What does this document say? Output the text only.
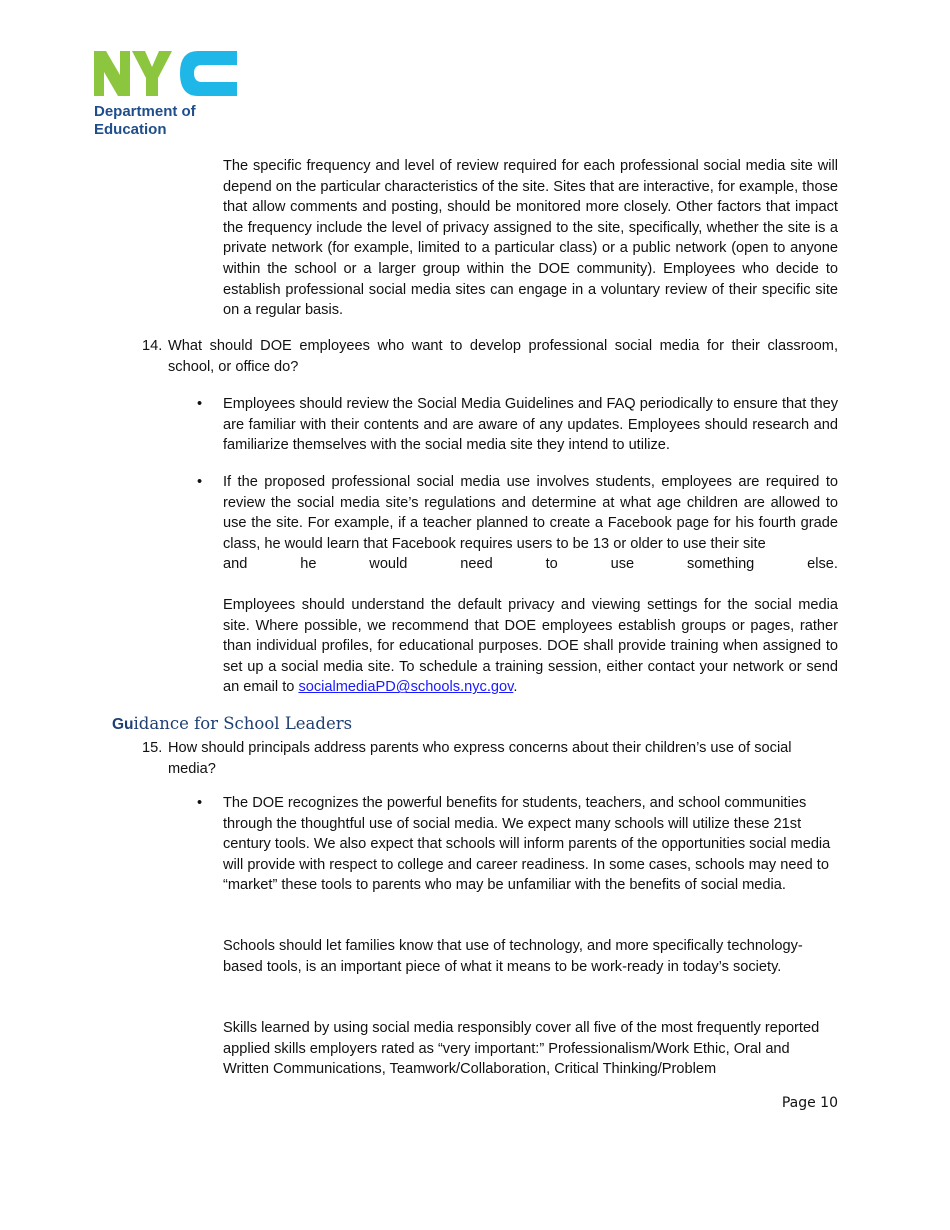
Department of
Education
The specific frequency and level of review required for each professional social media site will depend on the particular characteristics of the site. Sites that are interactive, for example, those that allow comments and posting, should be monitored more closely. Other factors that impact the frequency include the level of privacy assigned to the site, specifically, whether the site is a private network (for example, limited to a particular class) or a public network (open to anyone within the school or a larger group within the DOE community). Employees who decide to establish professional social media sites can engage in a voluntary review of their specific site on a regular basis.
14. What should DOE employees who want to develop professional social media for their classroom, school, or office do?
• Employees should review the Social Media Guidelines and FAQ periodically to ensure that they are familiar with their contents and are aware of any updates. Employees should research and familiarize themselves with the social media site they intend to utilize.
• If the proposed professional social media use involves students, employees are required to review the social media site’s regulations and determine at what age children are allowed to use the site. For example, if a teacher planned to create a Facebook page for his fourth grade class, he would learn that Facebook requires users to be 13 or older to use their site
and	he	would	need	to	use	something	else.
Employees should understand the default privacy and viewing settings for the social media site. Where possible, we recommend that DOE employees establish groups or pages, rather than individual profiles, for educational purposes. DOE shall provide training when assigned to set up a social media site. To schedule a training session, either contact your network or send an email to socialmediaPD@schools.nyc.gov.
Guidance for School Leaders
15. How should principals address parents who express concerns about their children’s use of social media?
• The DOE recognizes the powerful benefits for students, teachers, and school communities through the thoughtful use of social media. We expect many schools will utilize these 21st century tools. We also expect that schools will inform parents of the opportunities social media will provide with respect to college and career readiness. In some cases, schools may need to “market” these tools to parents who may be unfamiliar with the benefits of social media.
Schools should let families know that use of technology, and more specifically technology-based tools, is an important piece of what it means to be work-ready in today’s society.
Skills learned by using social media responsibly cover all five of the most frequently reported applied skills employers rated as “very important:” Professionalism/Work Ethic, Oral and Written Communications, Teamwork/Collaboration, Critical Thinking/Problem
Page 10
